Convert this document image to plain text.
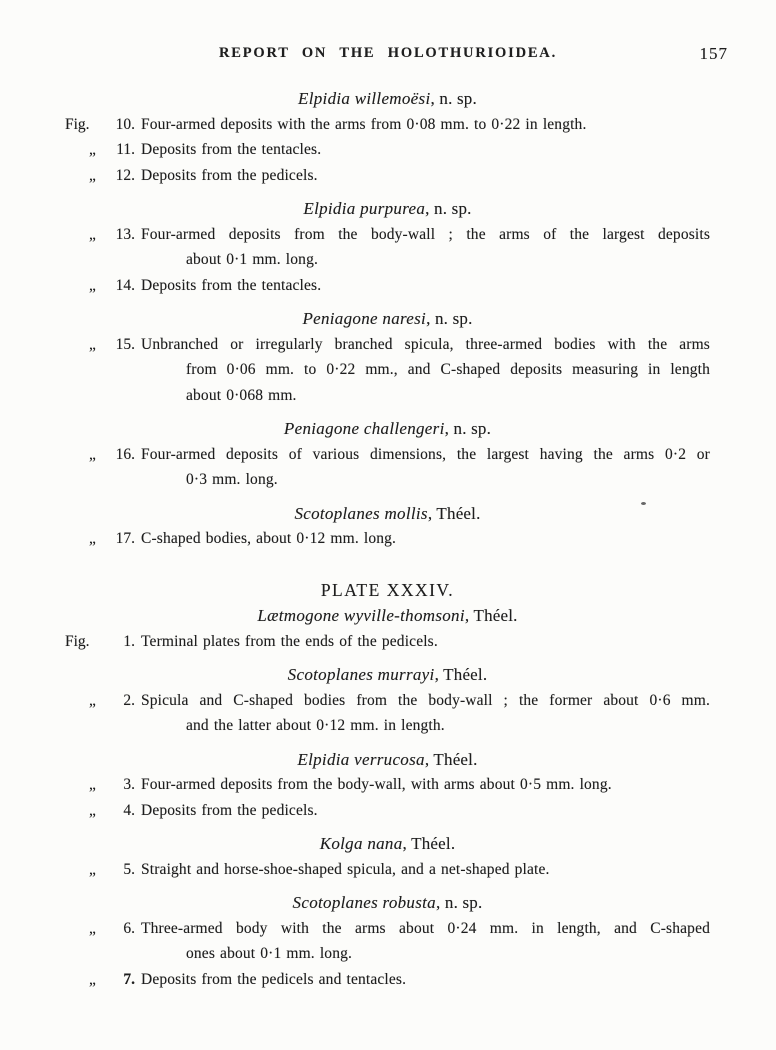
REPORT ON THE HOLOTHURIOIDEA.	157
Elpidia willemoësi, n. sp.
Fig.	10. Four-armed deposits with the arms from 0·08 mm. to 0·22 in length.
„	11. Deposits from the tentacles.
„	12. Deposits from the pedicels.
Elpidia purpurea, n. sp.
„	13. Four-armed deposits from the body-wall ; the arms of the largest deposits
about 0·1 mm. long.
„	14. Deposits from the tentacles.
Peniagone naresi, n. sp.
„	15. Unbranched or irregularly branched spicula, three-armed bodies with the arms
from 0·06 mm. to 0·22 mm., and C-shaped deposits measuring in length
about 0·068 mm.
Peniagone challengeri, n. sp.
„	16. Four-armed deposits of various dimensions, the largest having the arms 0·2 or
0·3 mm. long.
Scotoplanes mollis, Théel.
„	17. C-shaped bodies, about 0·12 mm. long.
PLATE XXXIV.
Lætmogone wyville-thomsoni, Théel.
Fig.	1. Terminal plates from the ends of the pedicels.
Scotoplanes murrayi, Théel.
„	2. Spicula and C-shaped bodies from the body-wall ; the former about 0·6 mm.
and the latter about 0·12 mm. in length.
Elpidia verrucosa, Théel.
„	3. Four-armed deposits from the body-wall, with arms about 0·5 mm. long.
„	4. Deposits from the pedicels.
Kolga nana, Théel.
„	5. Straight and horse-shoe-shaped spicula, and a net-shaped plate.
Scotoplanes robusta, n. sp.
„	6. Three-armed body with the arms about 0·24 mm. in length, and C-shaped
ones about 0·1 mm. long.
„	7. Deposits from the pedicels and tentacles.
